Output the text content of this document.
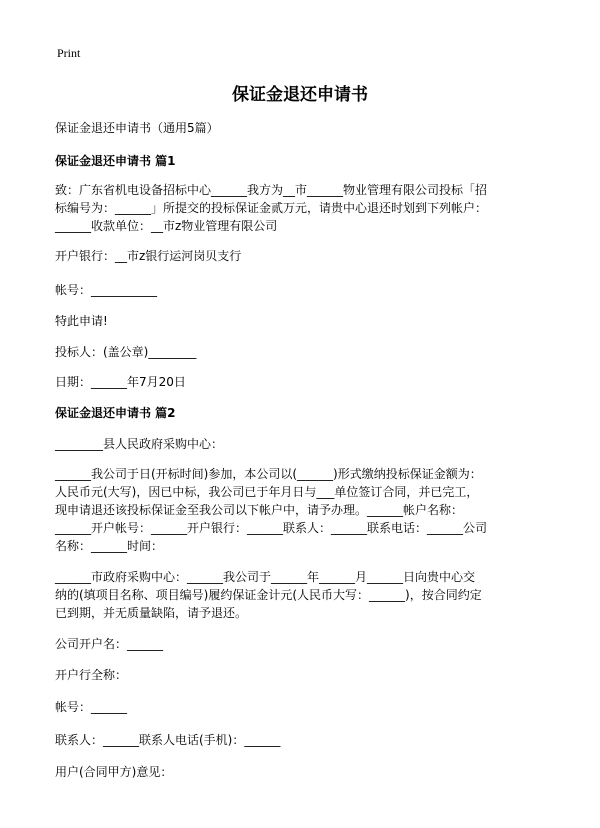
Print
保证金退还申请书
保证金退还申请书（通用5篇）
保证金退还申请书 篇1
致：广东省机电设备招标中心______我方为__市______物业管理有限公司投标「招
标编号为：______」所提交的投标保证金贰万元，请贵中心退还时划到下列帐户：
______收款单位：__市z物业管理有限公司
开户银行：__市z银行运河岗贝支行
帐号：___________
特此申请!
投标人：(盖公章)________
日期：______年7月20日
保证金退还申请书 篇2
________县人民政府采购中心：
______我公司于日(开标时间)参加，本公司以(______)形式缴纳投标保证金额为：
人民币元(大写)，因已中标，我公司已于年月日与___单位签订合同，并已完工，
现申请退还该投标保证金至我公司以下帐户中，请予办理。______帐户名称：
______开户帐号：______开户银行：______联系人：______联系电话：______公司
名称：______时间：
______市政府采购中心：______我公司于______年______月______日向贵中心交
纳的(填项目名称、项目编号)履约保证金计元(人民币大写：______)，按合同约定
已到期，并无质量缺陷，请予退还。
公司开户名：______
开户行全称：
帐号：______
联系人：______联系人电话(手机)：______
用户(合同甲方)意见：
